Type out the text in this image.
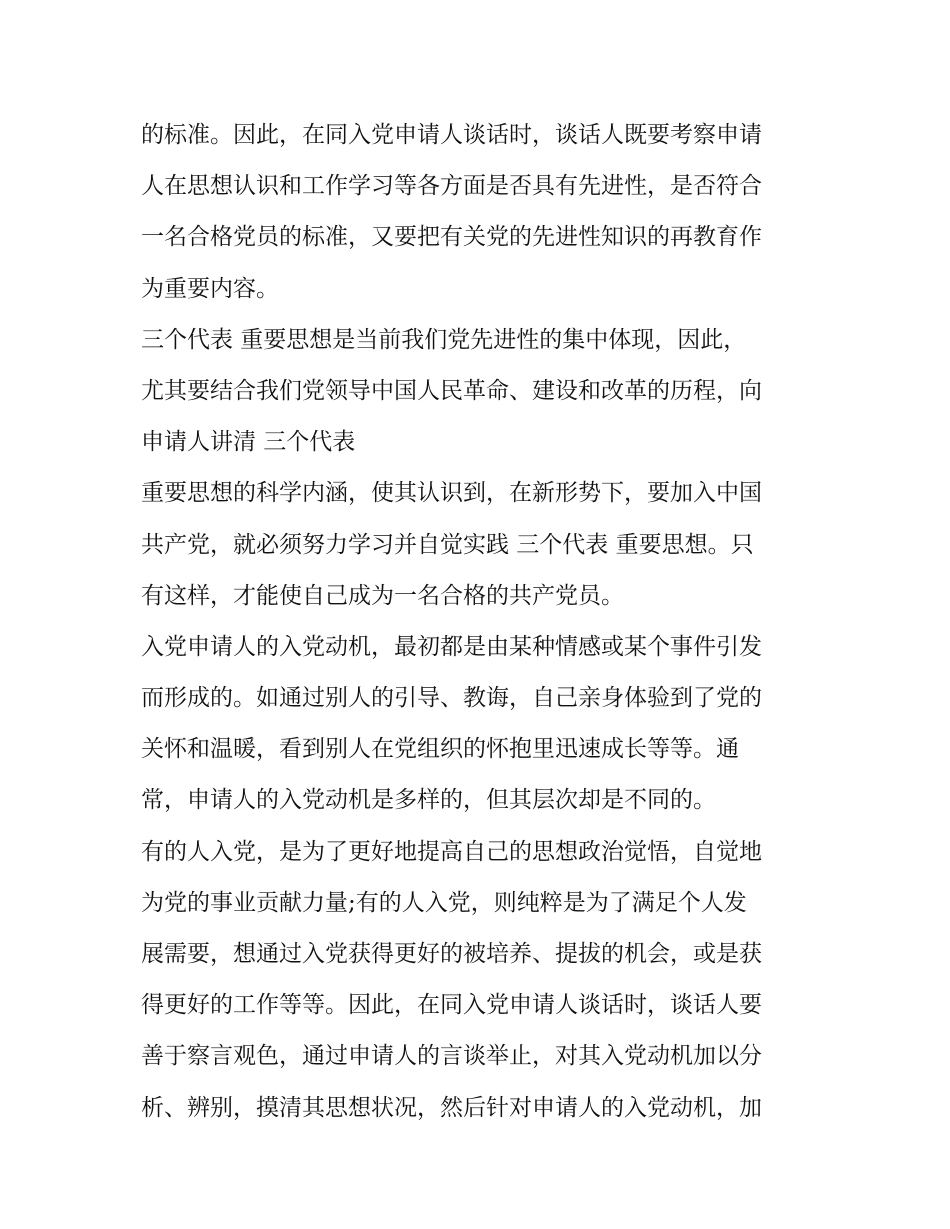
的标准。因此，在同入党申请人谈话时，谈话人既要考察申请
人在思想认识和工作学习等各方面是否具有先进性，是否符合
一名合格党员的标准，又要把有关党的先进性知识的再教育作
为重要内容。
三个代表 重要思想是当前我们党先进性的集中体现，因此，
尤其要结合我们党领导中国人民革命、建设和改革的历程，向
申请人讲清 三个代表
重要思想的科学内涵，使其认识到，在新形势下，要加入中国
共产党，就必须努力学习并自觉实践 三个代表 重要思想。只
有这样，才能使自己成为一名合格的共产党员。
入党申请人的入党动机，最初都是由某种情感或某个事件引发
而形成的。如通过别人的引导、教诲，自己亲身体验到了党的
关怀和温暖，看到别人在党组织的怀抱里迅速成长等等。通
常，申请人的入党动机是多样的，但其层次却是不同的。
有的人入党，是为了更好地提高自己的思想政治觉悟，自觉地
为党的事业贡献力量;有的人入党，则纯粹是为了满足个人发
展需要，想通过入党获得更好的被培养、提拔的机会，或是获
得更好的工作等等。因此，在同入党申请人谈话时，谈话人要
善于察言观色，通过申请人的言谈举止，对其入党动机加以分
析、辨别，摸清其思想状况，然后针对申请人的入党动机，加
